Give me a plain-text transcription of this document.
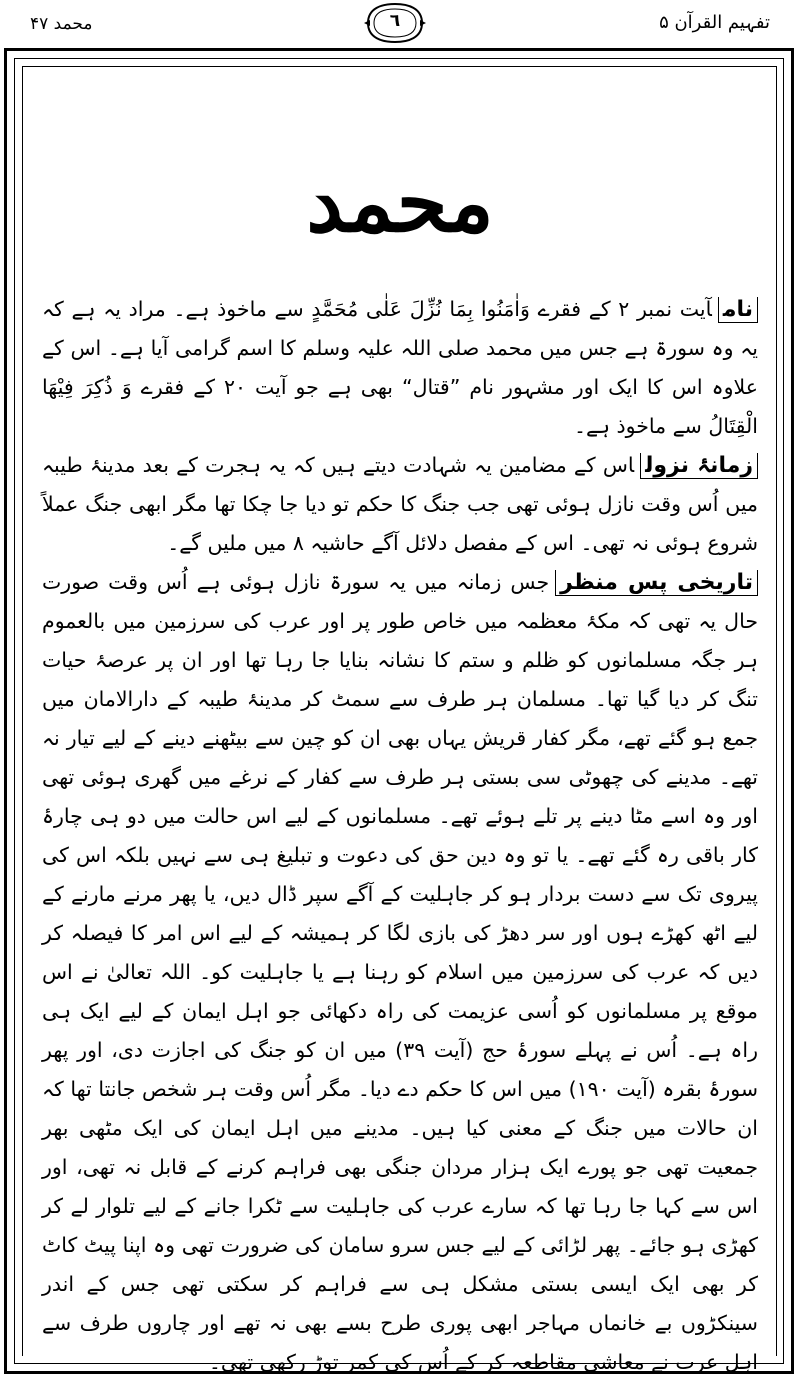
محمد ۴۷	٦	تفہیم القرآن ۵
محمد

نامآیت نمبر ۲ کے فقرے وَاٰمَنُوا بِمَا نُزِّلَ عَلٰی مُحَمَّدٍ سے ماخوذ ہے۔ مراد یہ ہے کہ یہ وہ سورۃ ہے جس میں محمد صلی اللہ علیہ وسلم کا اسم گرامی آیا ہے۔ اس کے علاوہ اس کا ایک اور مشہور نام ”قتال“ بھی ہے جو آیت ۲۰ کے فقرے وَ ذُكِرَ فِیْهَا الْقِتَالُ سے ماخوذ ہے۔

زمانۂ نزولاس کے مضامین یہ شہادت دیتے ہیں کہ یہ ہجرت کے بعد مدینۂ طیبہ میں اُس وقت نازل ہوئی تھی جب جنگ کا حکم تو دیا جا چکا تھا مگر ابھی جنگ عملاً شروع ہوئی نہ تھی۔ اس کے مفصل دلائل آگے حاشیہ ۸ میں ملیں گے۔

تاریخی پس منظرجس زمانہ میں یہ سورۃ نازل ہوئی ہے اُس وقت صورت حال یہ تھی کہ مکۂ معظمہ میں خاص طور پر اور عرب کی سرزمین میں بالعموم ہر جگہ مسلمانوں کو ظلم و ستم کا نشانہ بنایا جا رہا تھا اور ان پر عرصۂ حیات تنگ کر دیا گیا تھا۔ مسلمان ہر طرف سے سمٹ کر مدینۂ طیبہ کے دارالامان میں جمع ہو گئے تھے، مگر کفار قریش یہاں بھی ان کو چین سے بیٹھنے دینے کے لیے تیار نہ تھے۔ مدینے کی چھوٹی سی بستی ہر طرف سے کفار کے نرغے میں گھری ہوئی تھی اور وہ اسے مٹا دینے پر تلے ہوئے تھے۔ مسلمانوں کے لیے اس حالت میں دو ہی چارۂ کار باقی رہ گئے تھے۔ یا تو وہ دین حق کی دعوت و تبلیغ ہی سے نہیں بلکہ اس کی پیروی تک سے دست بردار ہو کر جاہلیت کے آگے سپر ڈال دیں، یا پھر مرنے مارنے کے لیے اٹھ کھڑے ہوں اور سر دھڑ کی بازی لگا کر ہمیشہ کے لیے اس امر کا فیصلہ کر دیں کہ عرب کی سرزمین میں اسلام کو رہنا ہے یا جاہلیت کو۔ اللہ تعالیٰ نے اس موقع پر مسلمانوں کو اُسی عزیمت کی راہ دکھائی جو اہل ایمان کے لیے ایک ہی راہ ہے۔ اُس نے پہلے سورۂ حج (آیت ۳۹) میں ان کو جنگ کی اجازت دی، اور پھر سورۂ بقرہ (آیت ۱۹۰) میں اس کا حکم دے دیا۔ مگر اُس وقت ہر شخص جانتا تھا کہ ان حالات میں جنگ کے معنی کیا ہیں۔ مدینے میں اہل ایمان کی ایک مٹھی بھر جمعیت تھی جو پورے ایک ہزار مردان جنگی بھی فراہم کرنے کے قابل نہ تھی، اور اس سے کہا جا رہا تھا کہ سارے عرب کی جاہلیت سے ٹکرا جانے کے لیے تلوار لے کر کھڑی ہو جائے۔ پھر لڑائی کے لیے جس سرو سامان کی ضرورت تھی وہ اپنا پیٹ کاٹ کر بھی ایک ایسی بستی مشکل ہی سے فراہم کر سکتی تھی جس کے اندر سینکڑوں بے خانماں مہاجر ابھی پوری طرح بسے بھی نہ تھے اور چاروں طرف سے اہل عرب نے معاشی مقاطعہ کر کے اُس کی کمر توڑ رکھی تھی۔
